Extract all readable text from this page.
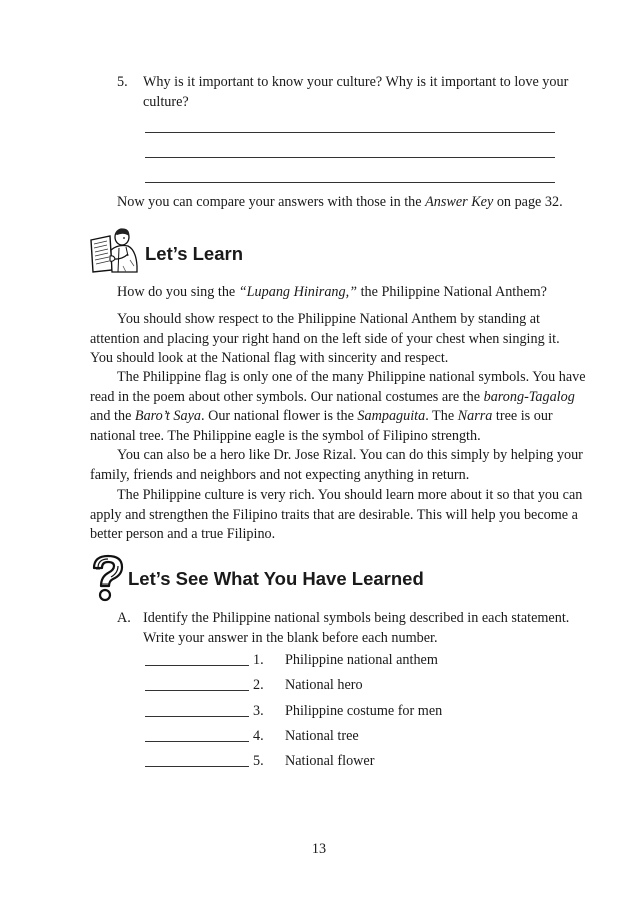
5. Why is it important to know your culture? Why is it important to love your
culture?
Now you can compare your answers with those in the Answer Key on page 32.
Let’s Learn
How do you sing the “Lupang Hinirang,” the Philippine National Anthem?
You should show respect to the Philippine National Anthem by standing at
attention and placing your right hand on the left side of your chest when singing it.
You should look at the National flag with sincerity and respect.
The Philippine flag is only one of the many Philippine national symbols. You have
read in the poem about other symbols. Our national costumes are the barong-Tagalog
and the Baro’t Saya. Our national flower is the Sampaguita. The Narra tree is our
national tree. The Philippine eagle is the symbol of Filipino strength.
You can also be a hero like Dr. Jose Rizal. You can do this simply by helping your
family, friends and neighbors and not expecting anything in return.
The Philippine culture is very rich. You should learn more about it so that you can
apply and strengthen the Filipino traits that are desirable. This will help you become a
better person and a true Filipino.
Let’s See What You Have Learned
A. Identify the Philippine national symbols being described in each statement.
Write your answer in the blank before each number.
1. Philippine national anthem
2. National hero
3. Philippine costume for men
4. National tree
5. National flower
13
